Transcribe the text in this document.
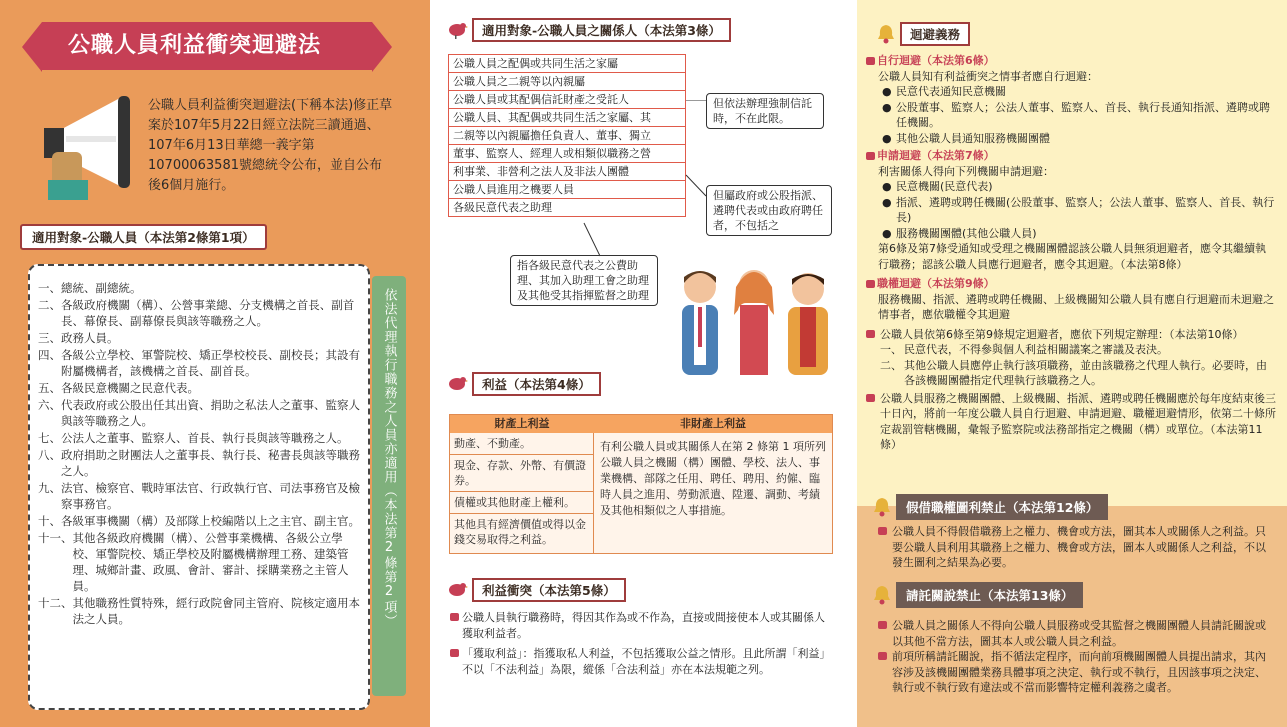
公職人員利益衝突迴避法
公職人員利益衝突迴避法(下稱本法)修正草案於107年5月22日經立法院三讀通過、107年6月13日華總一義字第10700063581號總統令公布，並自公布後6個月施行。
適用對象-公職人員（本法第2條第1項）
一、 總統、副總統。
二、 各級政府機關（構）、公營事業總、分支機構之首長、副首長、幕僚長、副幕僚長與該等職務之人。
三、 政務人員。
四、 各級公立學校、軍警院校、矯正學校校長、副校長；其設有附屬機構者，該機構之首長、副首長。
五、 各級民意機關之民意代表。
六、 代表政府或公股出任其出資、捐助之私法人之董事、監察人與該等職務之人。
七、 公法人之董事、監察人、首長、執行長與該等職務之人。
八、 政府捐助之財團法人之董事長、執行長、秘書長與該等職務之人。
九、 法官、檢察官、戰時軍法官、行政執行官、司法事務官及檢察事務官。
十、 各級軍事機關（構）及部隊上校編階以上之主官、副主官。
十一、 其他各級政府機關（構）、公營事業機構、各級公立學校、軍警院校、矯正學校及附屬機構辦理工務、建築管理、城鄉計畫、政風、會計、審計、採購業務之主管人員。
十二、 其他職務性質特殊，經行政院會同主管府、院核定適用本法之人員。	依法代理執行職務之人員亦適用（本法第2條第2項）
適用對象-公職人員之關係人（本法第3條）
公職人員之配偶或共同生活之家屬
公職人員之二親等以內親屬
公職人員或其配偶信託財產之受託人
公職人員、其配偶或共同生活之家屬、其
二親等以內親屬擔任負責人、董事、獨立
董事、監察人、經理人或相類似職務之營
利事業、非營利之法人及非法人團體
公職人員進用之機要人員
各級民意代表之助理
但依法辦理強制信託時，不在此限。
但屬政府或公股指派、遴聘代表或由政府聘任者，不包括之
指各級民意代表之公費助理、其加入助理工會之助理及其他受其指揮監督之助理
利益（本法第4條）
財產上利益	非財產上利益
動產、不動產。
現金、存款、外幣、有價證券。
債權或其他財產上權利。
其他具有經濟價值或得以金錢交易取得之利益。
有利公職人員或其關係人在第 2 條第 1 項所列公職人員之機關（構）團體、學校、法人、事業機構、部隊之任用、聘任、聘用、約僱、臨時人員之進用、勞動派遣、陞遷、調動、考績及其他相類似之人事措施。
利益衝突（本法第5條）
公職人員執行職務時，得因其作為或不作為，直接或間接使本人或其關係人獲取利益者。
「獲取利益」：指獲取私人利益，不包括獲取公益之情形。且此所謂「利益」不以「不法利益」為限，縱係「合法利益」亦在本法規範之列。
迴避義務
自行迴避（本法第6條）
公職人員知有利益衝突之情事者應自行迴避：
● 民意代表通知民意機關
● 公股董事、監察人；公法人董事、監察人、首長、執行長通知指派、遴聘或聘任機關。
● 其他公職人員通知服務機關團體
申請迴避（本法第7條）
利害關係人得向下列機關申請迴避：
● 民意機關(民意代表)
● 指派、遴聘或聘任機關(公股董事、監察人；公法人董事、監察人、首長、執行長)
● 服務機關團體(其他公職人員)
第6條及第7條受通知或受理之機關團體認該公職人員無須迴避者，應令其繼續執行職務；認該公職人員應行迴避者，應令其迴避。（本法第8條）
職權迴避（本法第9條）
服務機關、指派、遴聘或聘任機關、上級機關知公職人員有應自行迴避而未迴避之情事者，應依職權令其迴避
公職人員依第6條至第9條規定迴避者，應依下列規定辦理：（本法第10條）
一、 民意代表，不得參與個人利益相關議案之審議及表決。
二、 其他公職人員應停止執行該項職務，並由該職務之代理人執行。必要時，由各該機關團體指定代理執行該職務之人。
公職人員服務之機關團體、上級機關、指派、遴聘或聘任機關應於每年度結束後三十日內，將前一年度公職人員自行迴避、申請迴避、職權迴避情形，依第二十條所定裁罰管轄機關，彙報予監察院或法務部指定之機關（構）或單位。（本法第11條）
假借職權圖利禁止（本法第12條）
公職人員不得假借職務上之權力、機會或方法，圖其本人或關係人之利益。只要公職人員利用其職務上之權力、機會或方法，圖本人或關係人之利益，不以發生圖利之結果為必要。
請託關說禁止（本法第13條）
公職人員之關係人不得向公職人員服務或受其監督之機關團體人員請託關說或以其他不當方法，圖其本人或公職人員之利益。
前項所稱請託關說，指不循法定程序，而向前項機關團體人員提出請求，其內容涉及該機關團體業務具體事項之決定、執行或不執行，且因該事項之決定、執行或不執行致有違法或不當而影響特定權利義務之虞者。
